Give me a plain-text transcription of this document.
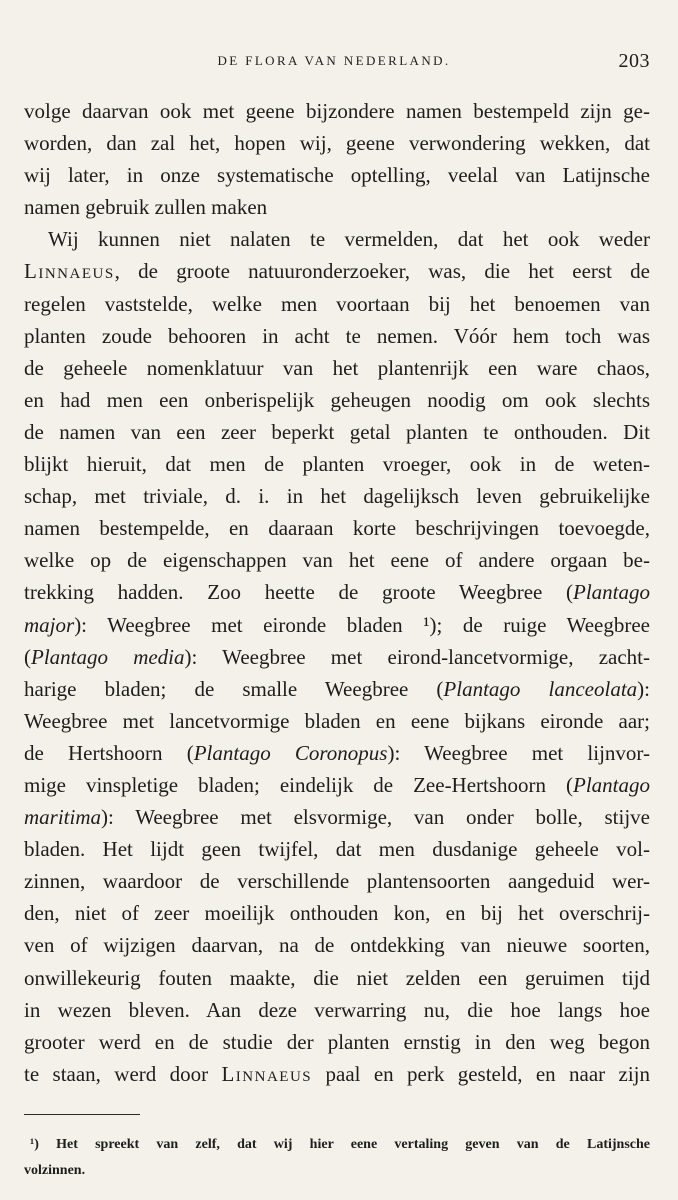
DE FLORA VAN NEDERLAND.	203
volge daarvan ook met geene bijzondere namen bestempeld zijn ge-
worden, dan zal het, hopen wij, geene verwondering wekken, dat
wij later, in onze systematische optelling, veelal van Latijnsche
namen gebruik zullen maken
Wij kunnen niet nalaten te vermelden, dat het ook weder
Linnaeus, de groote natuuronderzoeker, was, die het eerst de
regelen vaststelde, welke men voortaan bij het benoemen van
planten zoude behooren in acht te nemen. Vóór hem toch was
de geheele nomenklatuur van het plantenrijk een ware chaos,
en had men een onberispelijk geheugen noodig om ook slechts
de namen van een zeer beperkt getal planten te onthouden. Dit
blijkt hieruit, dat men de planten vroeger, ook in de weten-
schap, met triviale, d. i. in het dagelijksch leven gebruikelijke
namen bestempelde, en daaraan korte beschrijvingen toevoegde,
welke op de eigenschappen van het eene of andere orgaan be-
trekking hadden. Zoo heette de groote Weegbree (Plantago
major): Weegbree met eironde bladen ¹); de ruige Weegbree
(Plantago media): Weegbree met eirond-lancetvormige, zacht-
harige bladen; de smalle Weegbree (Plantago lanceolata):
Weegbree met lancetvormige bladen en eene bijkans eironde aar;
de Hertshoorn (Plantago Coronopus): Weegbree met lijnvor-
mige vinspletige bladen; eindelijk de Zee-Hertshoorn (Plantago
maritima): Weegbree met elsvormige, van onder bolle, stijve
bladen. Het lijdt geen twijfel, dat men dusdanige geheele vol-
zinnen, waardoor de verschillende plantensoorten aangeduid wer-
den, niet of zeer moeilijk onthouden kon, en bij het overschrij-
ven of wijzigen daarvan, na de ontdekking van nieuwe soorten,
onwillekeurig fouten maakte, die niet zelden een geruimen tijd
in wezen bleven. Aan deze verwarring nu, die hoe langs hoe
grooter werd en de studie der planten ernstig in den weg begon
te staan, werd door Linnaeus paal en perk gesteld, en naar zijn
¹) Het spreekt van zelf, dat wij hier eene vertaling geven van de Latijnsche
volzinnen.
